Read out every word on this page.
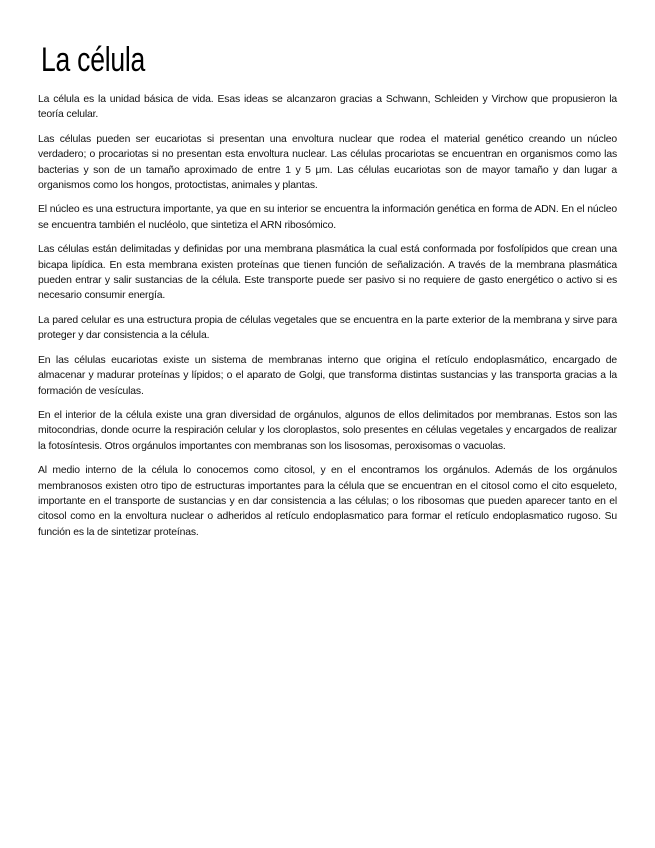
La célula

La célula es la unidad básica de vida. Esas ideas se alcanzaron gracias a Schwann, Schleiden y Virchow que propusieron la teoría celular.

Las células pueden ser eucariotas si presentan una envoltura nuclear que rodea el material genético creando un núcleo verdadero; o procariotas si no presentan esta envoltura nuclear. Las células procariotas se encuentran en organismos como las bacterias y son de un tamaño aproximado de entre 1 y 5 μm. Las células eucariotas son de mayor tamaño y dan lugar a organismos como los hongos, protoctistas, animales y plantas.

El núcleo es una estructura importante, ya que en su interior se encuentra la información genética en forma de ADN. En el núcleo se encuentra también el nucléolo, que sintetiza el ARN ribosómico.

Las células están delimitadas y definidas por una membrana plasmática la cual está conformada por fosfolípidos que crean una bicapa lipídica. En esta membrana existen proteínas que tienen función de señalización. A través de la membrana plasmática pueden entrar y salir sustancias de la célula. Este transporte puede ser pasivo si no requiere de gasto energético o activo si es necesario consumir energía.

La pared celular es una estructura propia de células vegetales que se encuentra en la parte exterior de la membrana y sirve para proteger y dar consistencia a la célula.

En las células eucariotas existe un sistema de membranas interno que origina el retículo endoplasmático, encargado de almacenar y madurar proteínas y lípidos; o el aparato de Golgi, que transforma distintas sustancias y las transporta gracias a la formación de vesículas.

En el interior de la célula existe una gran diversidad de orgánulos, algunos de ellos delimitados por membranas. Estos son las mitocondrias, donde ocurre la respiración celular y los cloroplastos, solo presentes en células vegetales y encargados de realizar la fotosíntesis. Otros orgánulos importantes con membranas son los lisosomas, peroxisomas o vacuolas.

Al medio interno de la célula lo conocemos como citosol, y en el encontramos los orgánulos. Además de los orgánulos membranosos existen otro tipo de estructuras importantes para la célula que se encuentran en el citosol como el cito esqueleto, importante en el transporte de sustancias y en dar consistencia a las células; o los ribosomas que pueden aparecer tanto en el citosol como en la envoltura nuclear o adheridos al retículo endoplasmatico para formar el retículo endoplasmatico rugoso. Su función es la de sintetizar proteínas.
